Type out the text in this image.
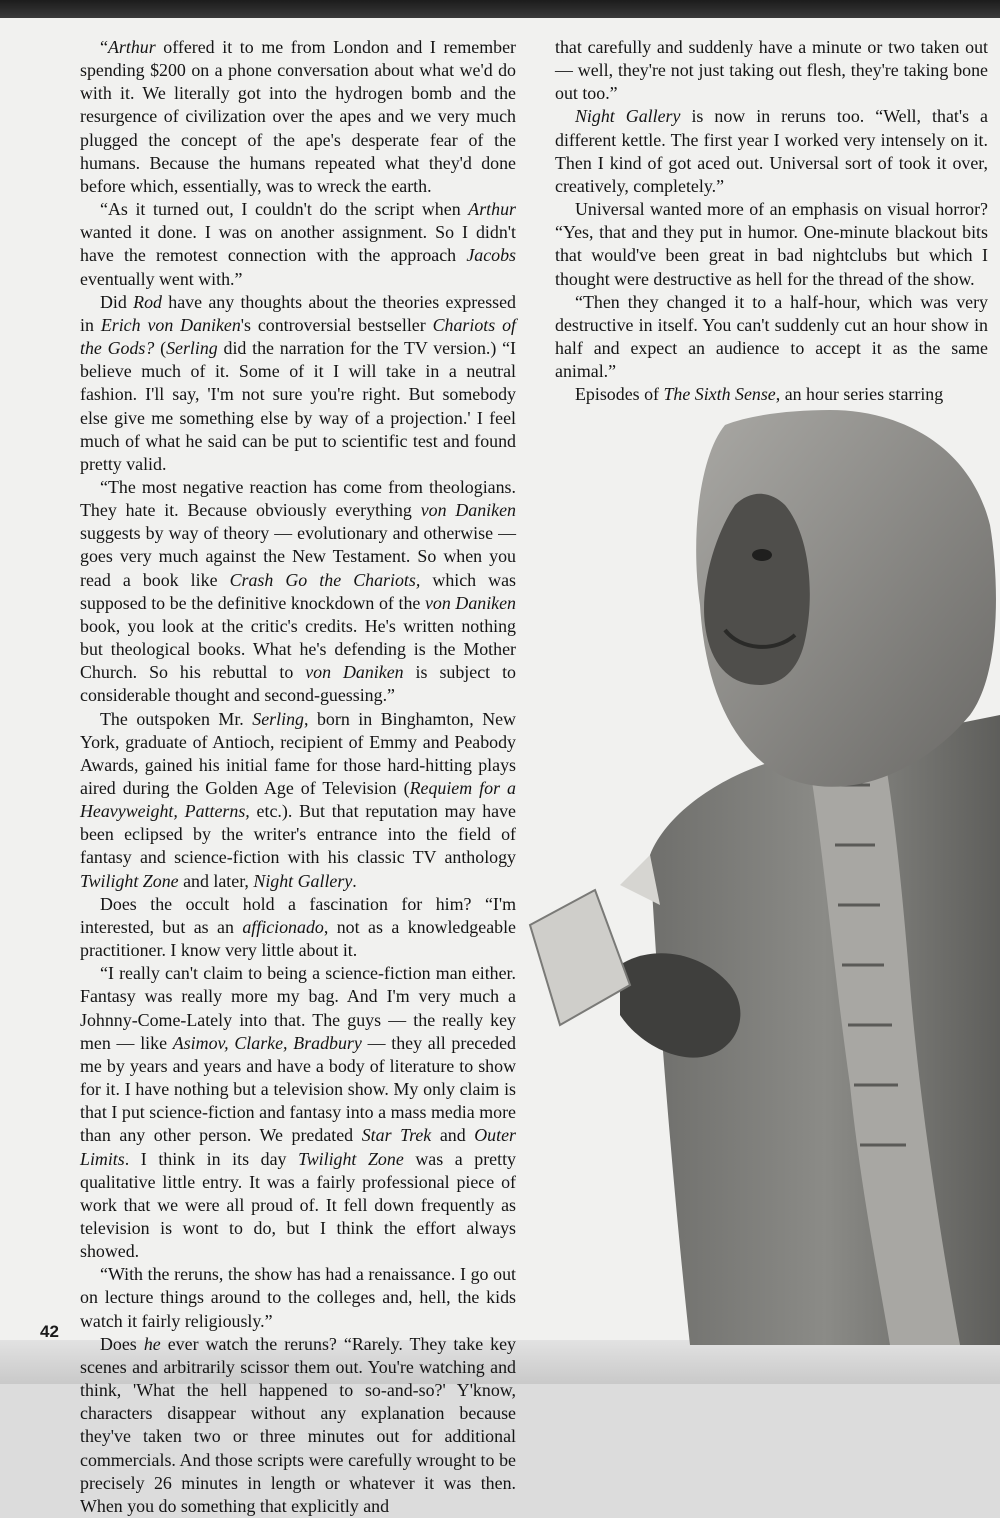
“Arthur offered it to me from London and I remember spending $200 on a phone conversation about what we'd do with it. We literally got into the hydrogen bomb and the resurgence of civilization over the apes and we very much plugged the concept of the ape's desperate fear of the humans. Because the humans repeated what they'd done before which, essentially, was to wreck the earth.

“As it turned out, I couldn't do the script when Arthur wanted it done. I was on another assignment. So I didn't have the remotest connection with the approach Jacobs eventually went with.”

Did Rod have any thoughts about the theories expressed in Erich von Daniken's controversial bestseller Chariots of the Gods? (Serling did the narration for the TV version.) “I believe much of it. Some of it I will take in a neutral fashion. I'll say, 'I'm not sure you're right. But somebody else give me something else by way of a projection.' I feel much of what he said can be put to scientific test and found pretty valid.

“The most negative reaction has come from theologians. They hate it. Because obviously everything von Daniken suggests by way of theory — evolutionary and otherwise — goes very much against the New Testament. So when you read a book like Crash Go the Chariots, which was supposed to be the definitive knockdown of the von Daniken book, you look at the critic's credits. He's written nothing but theological books. What he's defending is the Mother Church. So his rebuttal to von Daniken is subject to considerable thought and second-guessing.”

The outspoken Mr. Serling, born in Binghamton, New York, graduate of Antioch, recipient of Emmy and Peabody Awards, gained his initial fame for those hard-hitting plays aired during the Golden Age of Television (Requiem for a Heavyweight, Patterns, etc.). But that reputation may have been eclipsed by the writer's entrance into the field of fantasy and science-fiction with his classic TV anthology Twilight Zone and later, Night Gallery.

Does the occult hold a fascination for him? “I'm interested, but as an afficionado, not as a knowledgeable practitioner. I know very little about it.

“I really can't claim to being a science-fiction man either. Fantasy was really more my bag. And I'm very much a Johnny-Come-Lately into that. The guys — the really key men — like Asimov, Clarke, Bradbury — they all preceded me by years and years and have a body of literature to show for it. I have nothing but a television show. My only claim is that I put science-fiction and fantasy into a mass media more than any other person. We predated Star Trek and Outer Limits. I think in its day Twilight Zone was a pretty qualitative little entry. It was a fairly professional piece of work that we were all proud of. It fell down frequently as television is wont to do, but I think the effort always showed.

“With the reruns, the show has had a renaissance. I go out on lecture things around to the colleges and, hell, the kids watch it fairly religiously.”

Does he ever watch the reruns? “Rarely. They take key scenes and arbitrarily scissor them out. You're watching and think, 'What the hell happened to so-and-so?' Y'know, characters disappear without any explanation because they've taken two or three minutes out for additional commercials. And those scripts were carefully wrought to be precisely 26 minutes in length or whatever it was then. When you do something that explicitly and

that carefully and suddenly have a minute or two taken out — well, they're not just taking out flesh, they're taking bone out too.”

Night Gallery is now in reruns too. “Well, that's a different kettle. The first year I worked very intensely on it. Then I kind of got aced out. Universal sort of took it over, creatively, completely.”

Universal wanted more of an emphasis on visual horror? “Yes, that and they put in humor. One-minute blackout bits that would've been great in bad nightclubs but which I thought were destructive as hell for the thread of the show.

“Then they changed it to a half-hour, which was very destructive in itself. You can't suddenly cut an hour show in half and expect an audience to accept it as the same animal.”

Episodes of The Sixth Sense, an hour series starring

42
